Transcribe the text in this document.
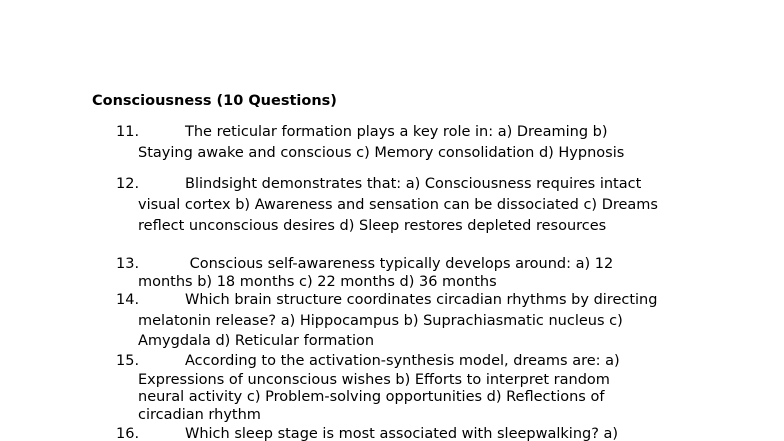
Consciousness (10 Questions)
11.	The reticular formation plays a key role in: a) Dreaming b)
Staying awake and conscious c) Memory consolidation d) Hypnosis
12.	Blindsight demonstrates that: a) Consciousness requires intact
visual cortex b) Awareness and sensation can be dissociated c) Dreams
reflect unconscious desires d) Sleep restores depleted resources
13.	Conscious self-awareness typically develops around: a) 12
months b) 18 months c) 22 months d) 36 months
14.	Which brain structure coordinates circadian rhythms by directing
melatonin release? a) Hippocampus b) Suprachiasmatic nucleus c)
Amygdala d) Reticular formation
15.	According to the activation-synthesis model, dreams are: a)
Expressions of unconscious wishes b) Efforts to interpret random
neural activity c) Problem-solving opportunities d) Reflections of
circadian rhythm
16.	Which sleep stage is most associated with sleepwalking? a)
